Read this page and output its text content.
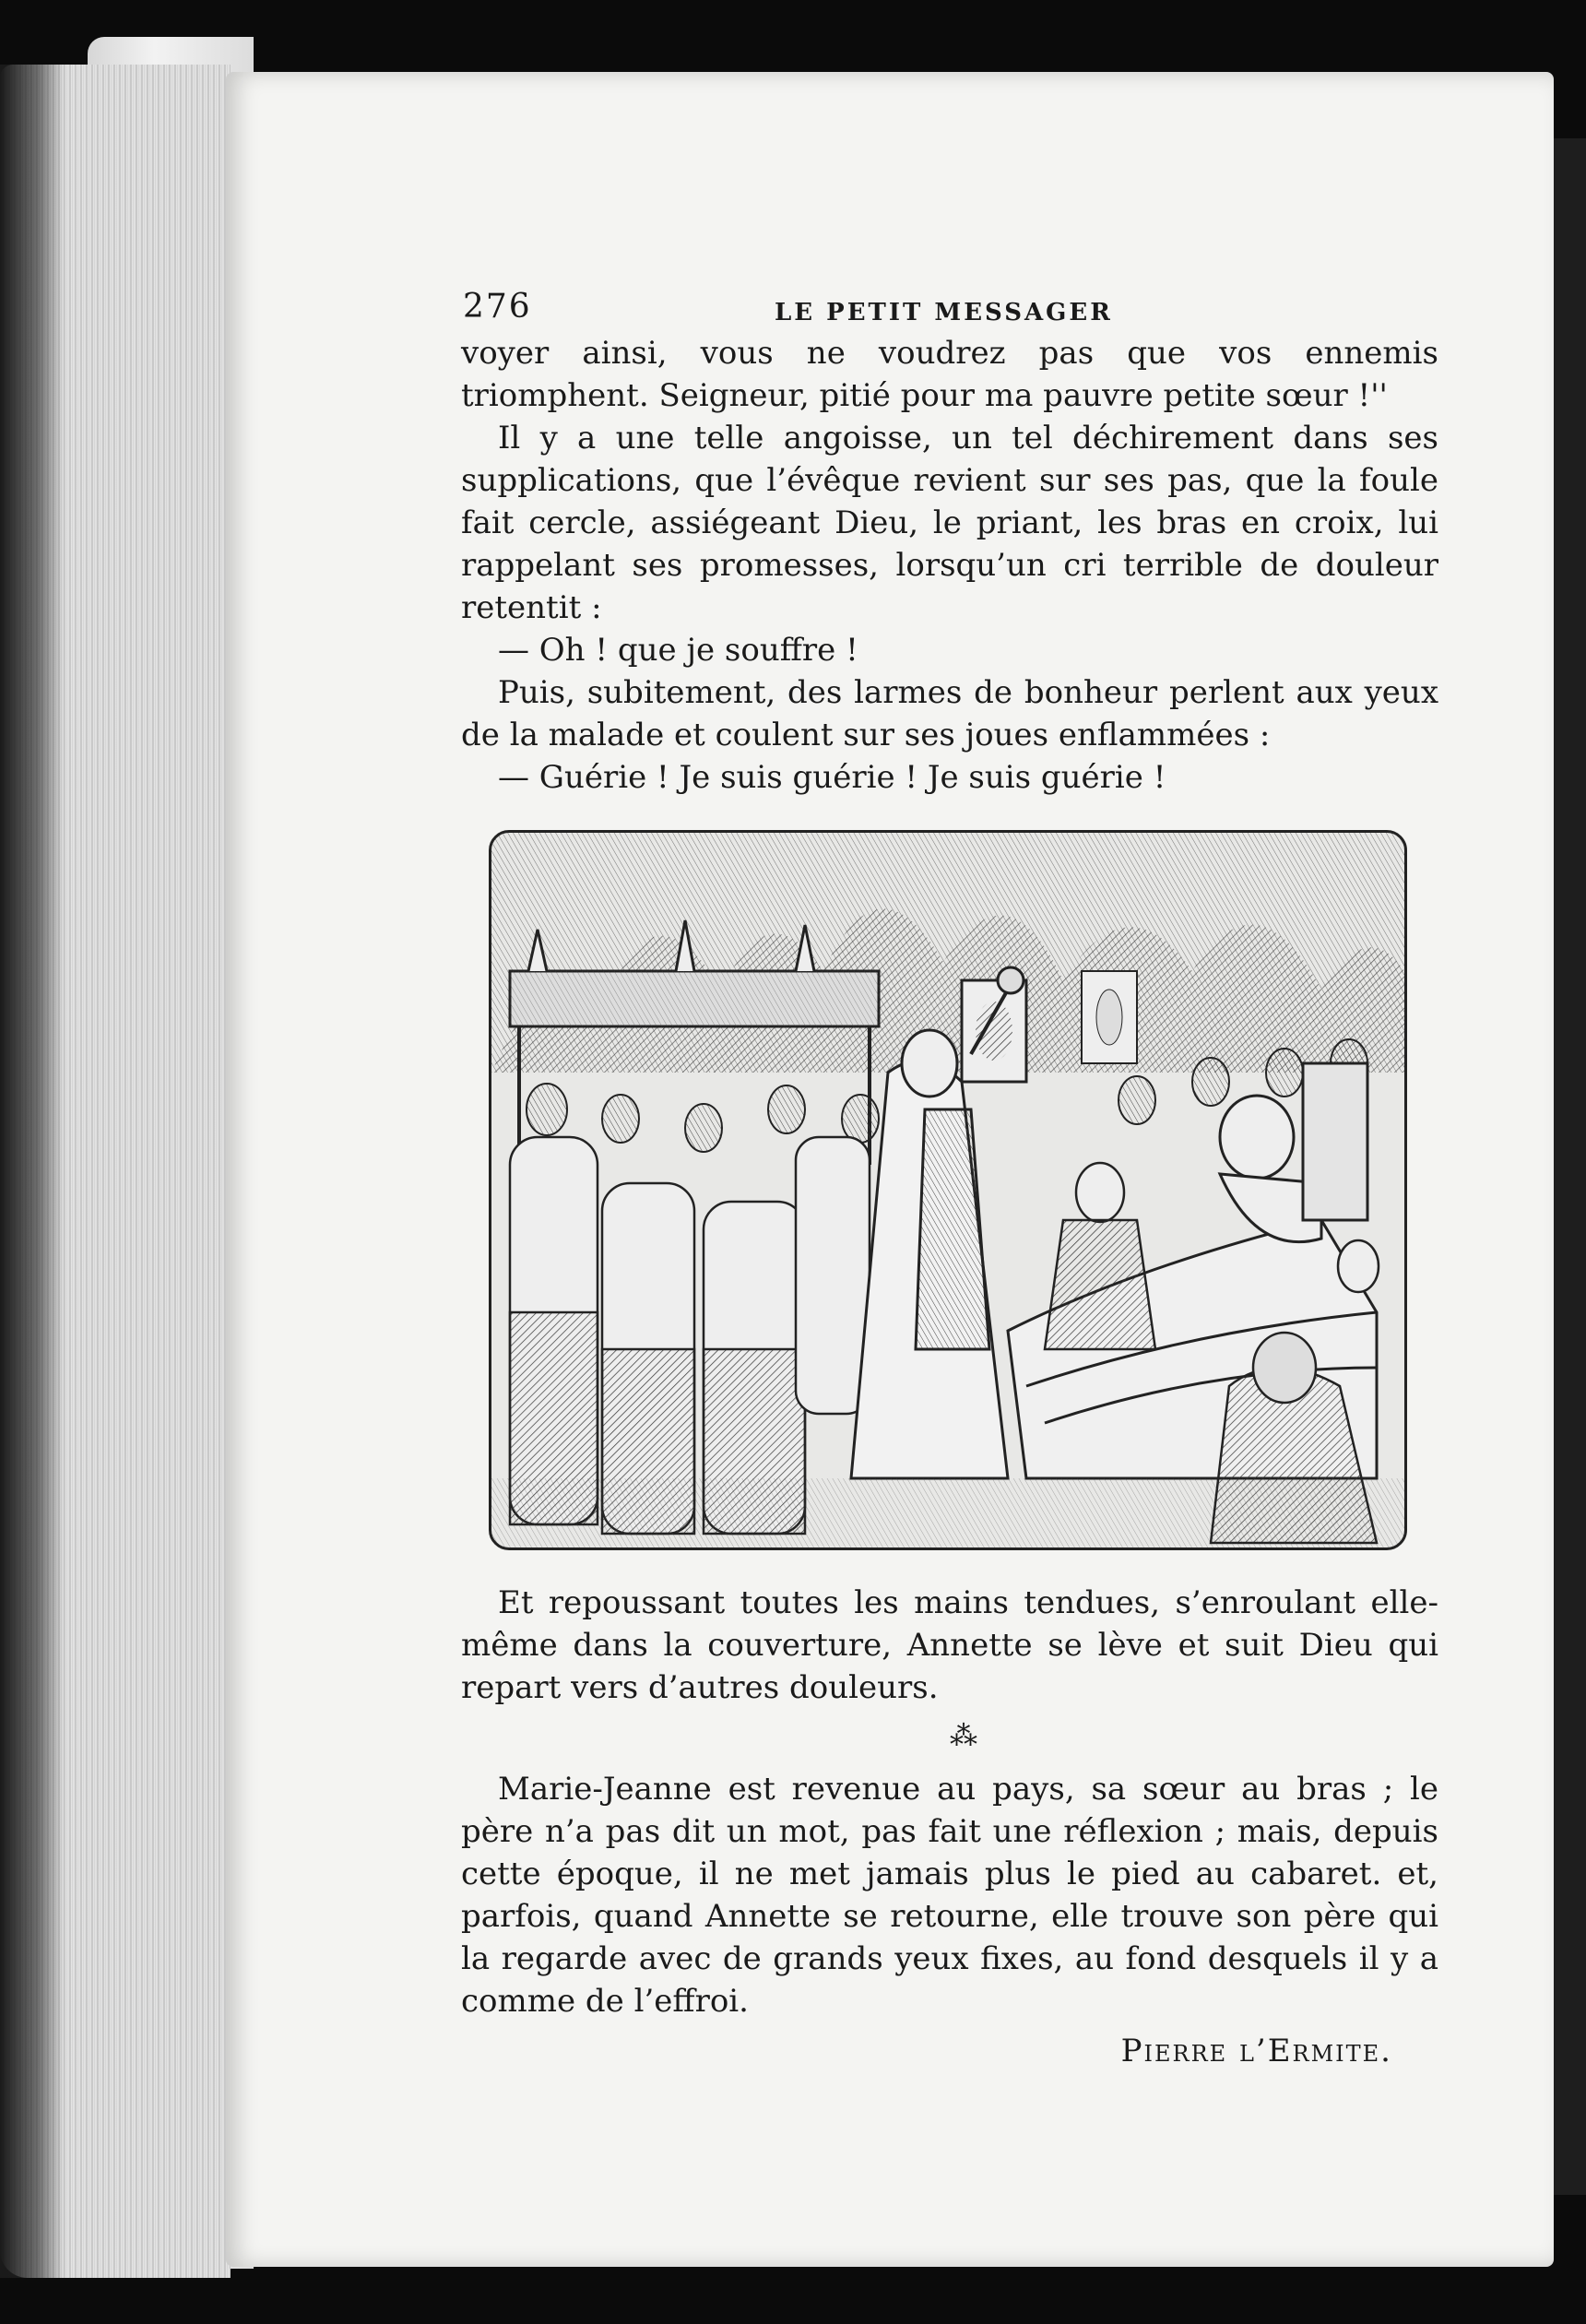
276	LE PETIT MESSAGER

voyer ainsi, vous ne voudrez pas que vos ennemis triomphent. Seigneur, pitié pour ma pauvre petite sœur !''

Il y a une telle angoisse, un tel déchirement dans ses supplications, que l’évêque revient sur ses pas, que la foule fait cercle, assiégeant Dieu, le priant, les bras en croix, lui rappelant ses promesses, lorsqu’un cri terrible de douleur retentit :

— Oh ! que je souffre !

Puis, subitement, des larmes de bonheur perlent aux yeux de la malade et coulent sur ses joues enflammées :

— Guérie ! Je suis guérie ! Je suis guérie !

Et repoussant toutes les mains tendues, s’enroulant elle-même dans la couverture, Annette se lève et suit Dieu qui repart vers d’autres douleurs.

⁂

Marie-Jeanne est revenue au pays, sa sœur au bras ; le père n’a pas dit un mot, pas fait une réflexion ; mais, depuis cette époque, il ne met jamais plus le pied au cabaret. et, parfois, quand Annette se retourne, elle trouve son père qui la regarde avec de grands yeux fixes, au fond desquels il y a comme de l’effroi.

Pierre l’Ermite.
